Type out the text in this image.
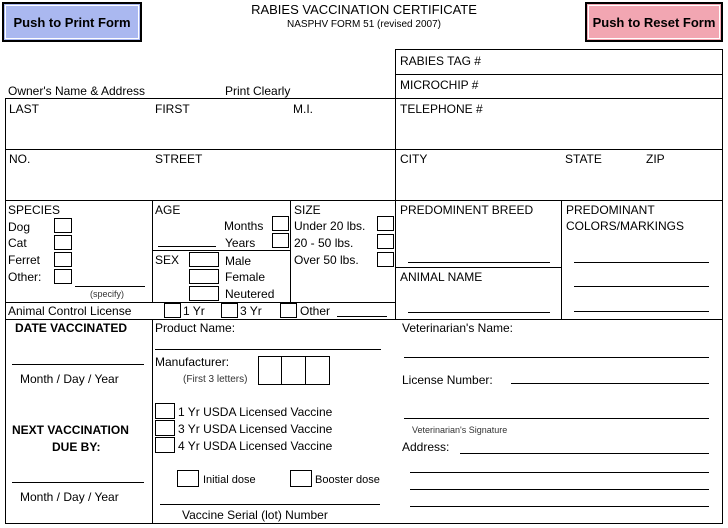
Push to Print Form	Push to Reset Form
RABIES VACCINATION CERTIFICATE
NASPHV FORM 51 (revised 2007)
Owner's Name & Address	Print Clearly
RABIES TAG #
MICROCHIP #
LAST	FIRST	M.I.	TELEPHONE #
NO.	STREET	CITY	STATE	ZIP
SPECIES
Dog
Cat
Ferret
Other:
(specify)
AGE
Months
Years
SEX	Male
Female
Neutered
SIZE
Under 20 lbs.
20 - 50 lbs.
Over 50 lbs.
PREDOMINENT BREED	PREDOMINANT
COLORS/MARKINGS
ANIMAL NAME
Animal Control License	1 Yr	3 Yr	Other
DATE VACCINATED
Month / Day / Year
NEXT VACCINATION
DUE BY:
Month / Day / Year
Product Name:
Manufacturer:
(First 3 letters)
1 Yr USDA Licensed Vaccine
3 Yr USDA Licensed Vaccine
4 Yr USDA Licensed Vaccine
Initial dose	Booster dose
Vaccine Serial (lot) Number
Veterinarian's Name:
License Number:
Veterinarian's Signature
Address:
